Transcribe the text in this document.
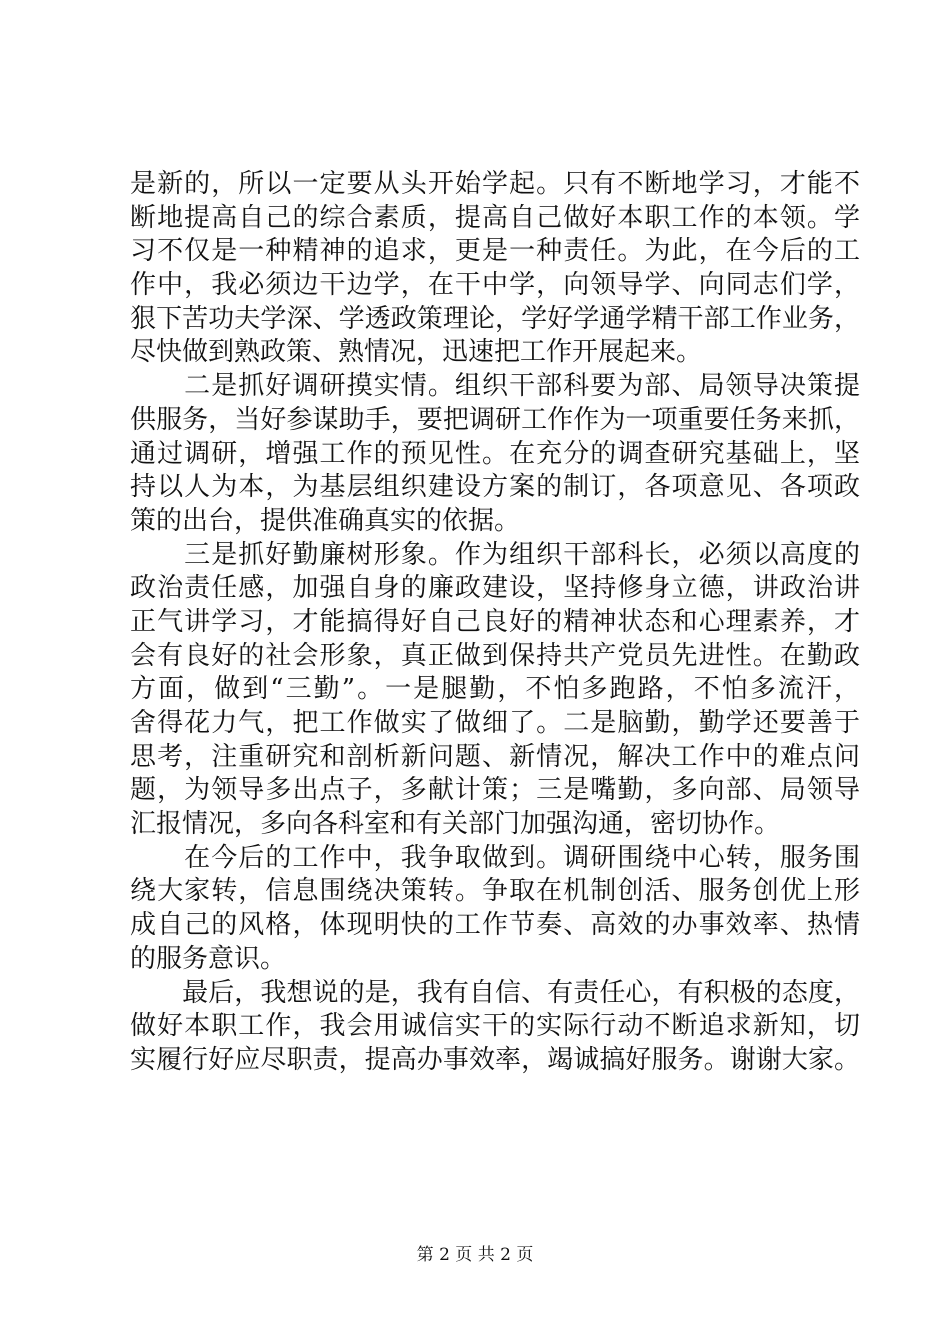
是新的，所以一定要从头开始学起。只有不断地学习，才能不
断地提高自己的综合素质，提高自己做好本职工作的本领。学
习不仅是一种精神的追求，更是一种责任。为此，在今后的工
作中，我必须边干边学，在干中学，向领导学、向同志们学，
狠下苦功夫学深、学透政策理论，学好学通学精干部工作业务，
尽快做到熟政策、熟情况，迅速把工作开展起来。
　　二是抓好调研摸实情。组织干部科要为部、局领导决策提
供服务，当好参谋助手，要把调研工作作为一项重要任务来抓，
通过调研，增强工作的预见性。在充分的调查研究基础上，坚
持以人为本，为基层组织建设方案的制订，各项意见、各项政
策的出台，提供准确真实的依据。
　　三是抓好勤廉树形象。作为组织干部科长，必须以高度的
政治责任感，加强自身的廉政建设，坚持修身立德，讲政治讲
正气讲学习，才能搞得好自己良好的精神状态和心理素养，才
会有良好的社会形象，真正做到保持共产党员先进性。在勤政
方面，做到“三勤”。一是腿勤，不怕多跑路，不怕多流汗，
舍得花力气，把工作做实了做细了。二是脑勤，勤学还要善于
思考，注重研究和剖析新问题、新情况，解决工作中的难点问
题，为领导多出点子，多献计策；三是嘴勤，多向部、局领导
汇报情况，多向各科室和有关部门加强沟通，密切协作。
　　在今后的工作中，我争取做到。调研围绕中心转，服务围
绕大家转，信息围绕决策转。争取在机制创活、服务创优上形
成自己的风格，体现明快的工作节奏、高效的办事效率、热情
的服务意识。
　　最后，我想说的是，我有自信、有责任心，有积极的态度，
做好本职工作，我会用诚信实干的实际行动不断追求新知，切
实履行好应尽职责，提高办事效率，竭诚搞好服务。谢谢大家。
第 2 页 共 2 页
